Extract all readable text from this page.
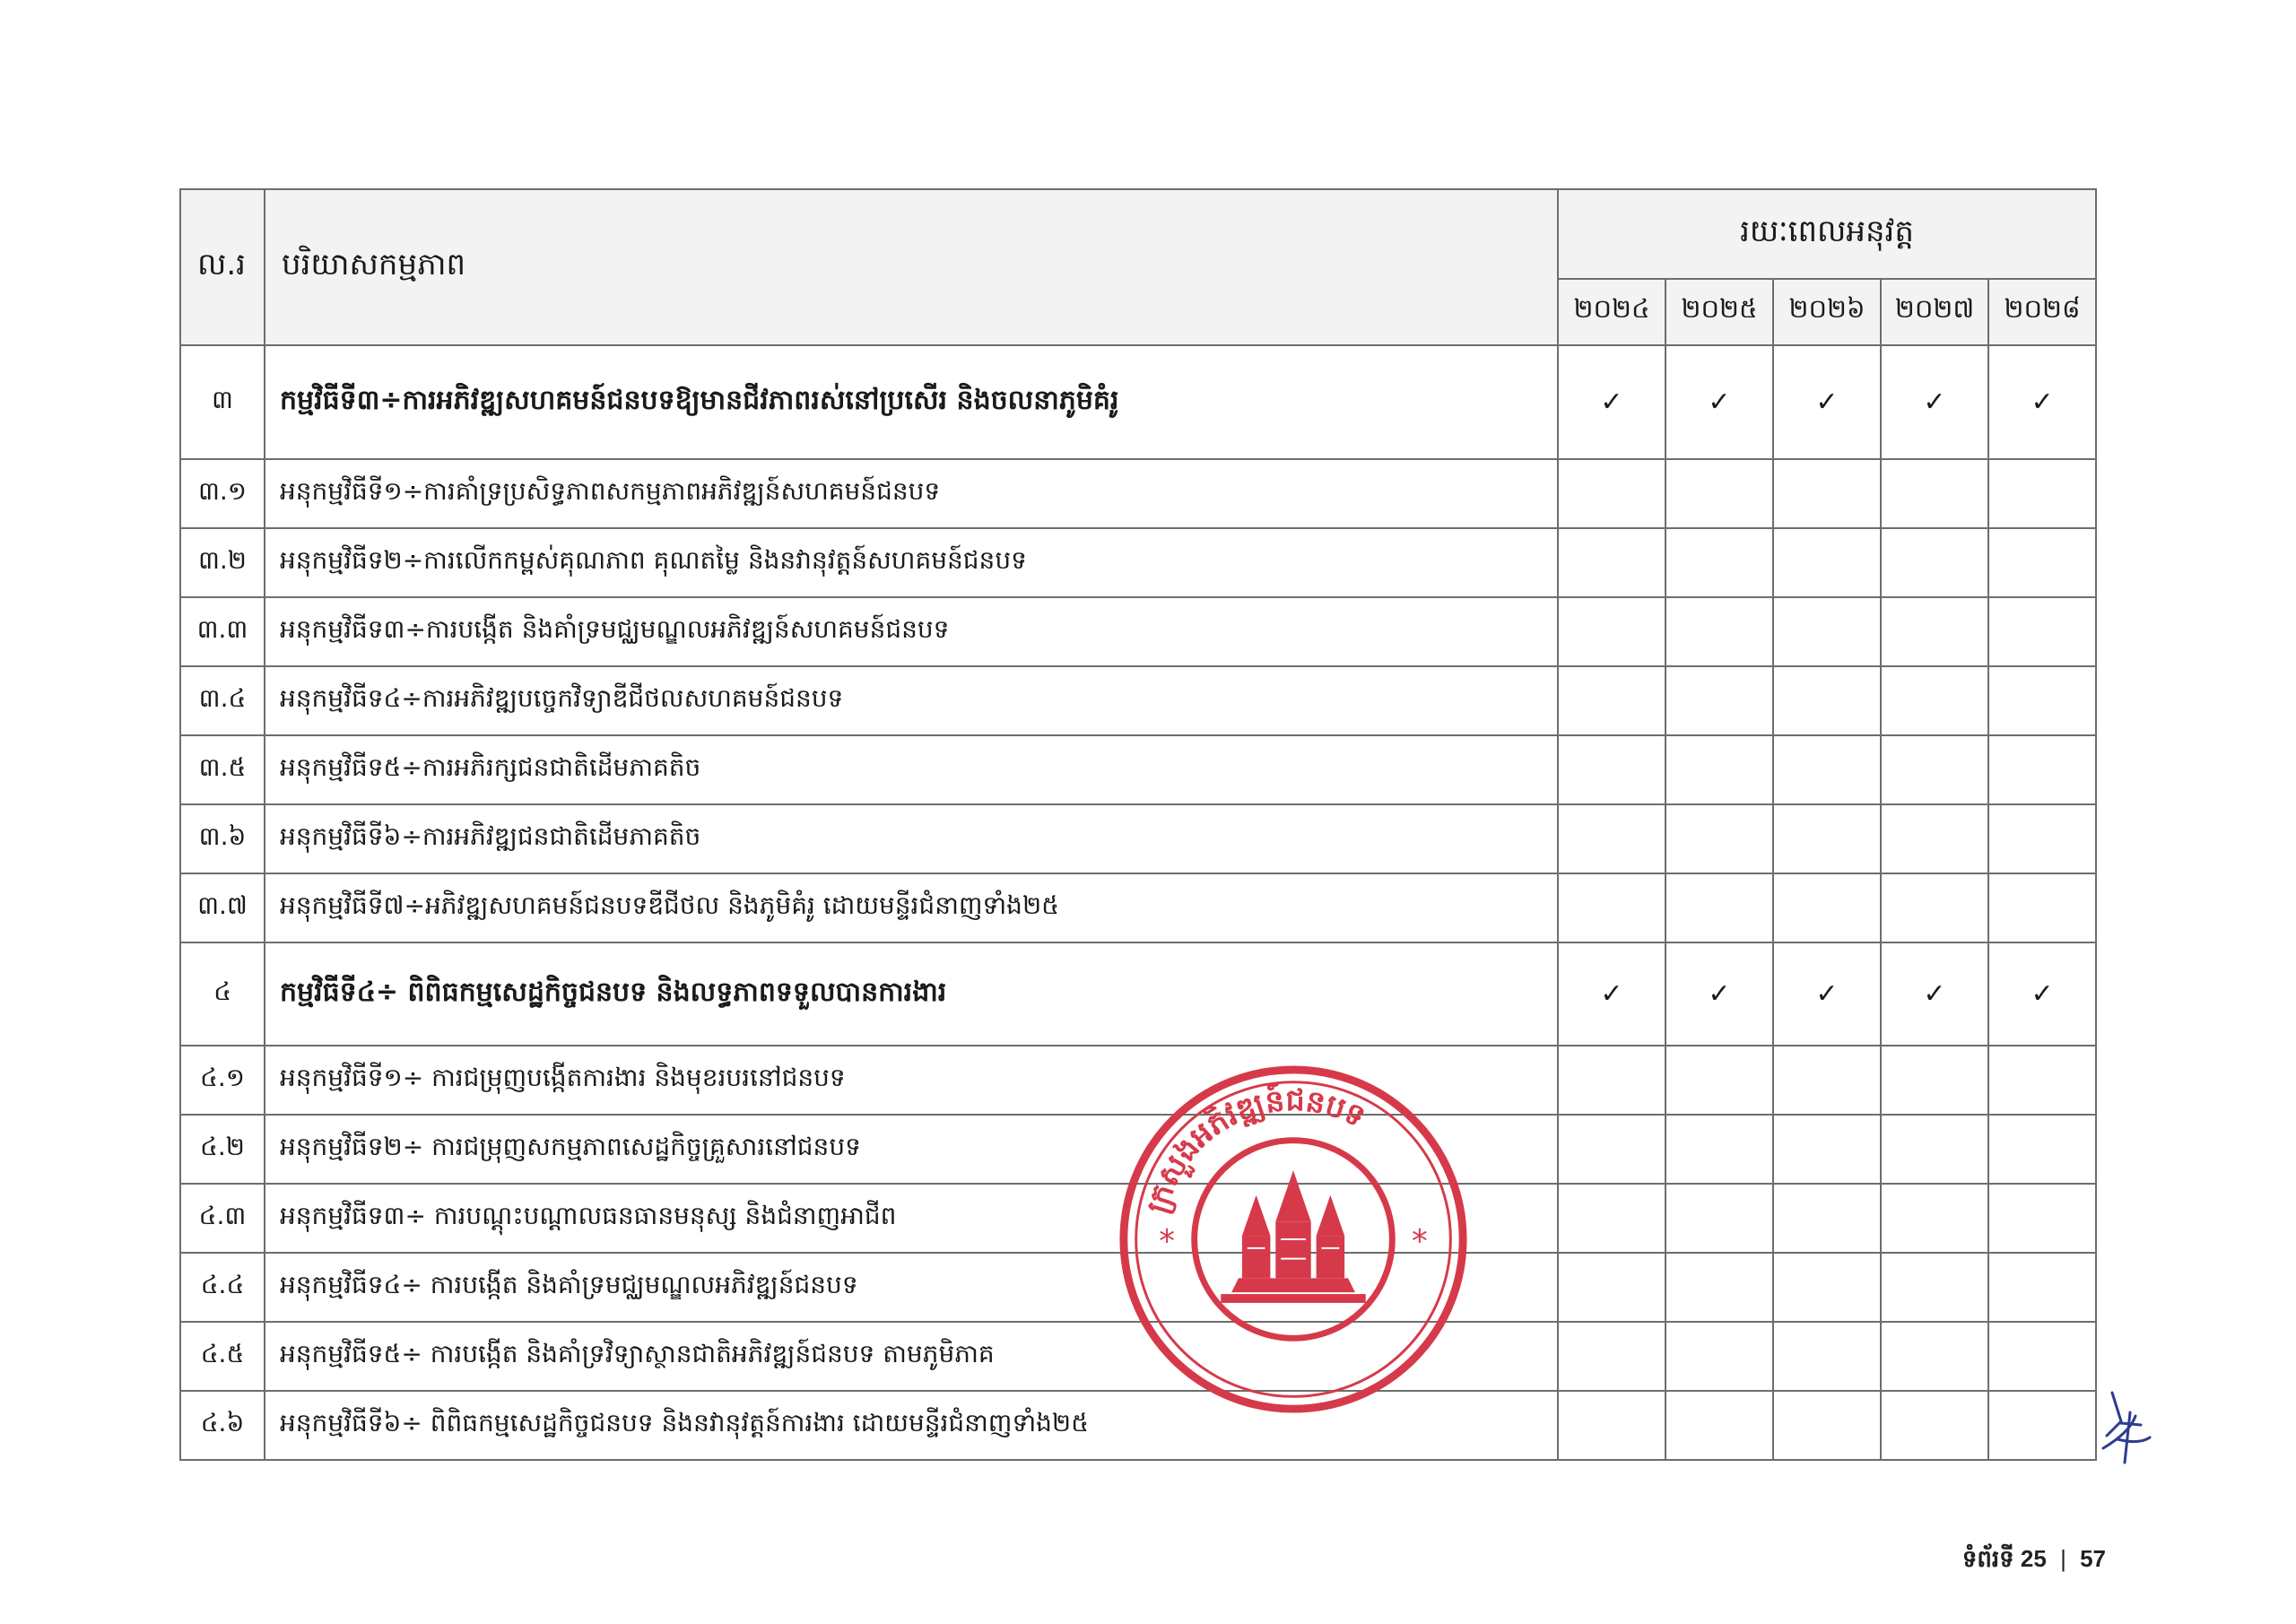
ល.រ	បរិយាសកម្មភាព	រយៈពេលអនុវត្ត				
		២០២៤	២០២៥	២០២៦	២០២៧	២០២៨
៣	កម្មវិធីទី៣÷ការអភិវឌ្ឍសហគមន៍ជនបទឱ្យមានជីវភាពរស់នៅប្រសើរ និងចលនាភូមិគំរូ	✓	✓	✓	✓	✓
៣.១	អនុកម្មវិធីទី១÷ការគាំទ្រប្រសិទ្ធភាពសកម្មភាពអភិវឌ្ឍន៍សហគមន៍ជនបទ					
៣.២	អនុកម្មវិធីទ២÷ការលើកកម្ពស់គុណភាព គុណតម្លៃ និងនវានុវត្តន៍សហគមន៍ជនបទ					
៣.៣	អនុកម្មវិធីទ៣÷ការបង្កើត និងគាំទ្រមជ្ឈមណ្ឌលអភិវឌ្ឍន៍សហគមន៍ជនបទ					
៣.៤	អនុកម្មវិធីទ៤÷ការអភិវឌ្ឍបច្ចេកវិទ្យាឌីជីថលសហគមន៍ជនបទ					
៣.៥	អនុកម្មវិធីទ៥÷ការអភិរក្សជនជាតិដើមភាគតិច					
៣.៦	អនុកម្មវិធីទី៦÷ការអភិវឌ្ឍជនជាតិដើមភាគតិច					
៣.៧	អនុកម្មវិធីទី៧÷អភិវឌ្ឍសហគមន៍ជនបទឌីជីថល និងភូមិគំរូ ដោយមន្ទីរជំនាញទាំង២៥					
៤	កម្មវិធីទី៤÷ ពិពិធកម្មសេដ្ឋកិច្ចជនបទ និងលទ្ធភាពទទួលបានការងារ	✓	✓	✓	✓	✓
៤.១	អនុកម្មវិធីទី១÷ ការជម្រុញបង្កើតការងារ និងមុខរបរនៅជនបទ					
៤.២	អនុកម្មវិធីទ២÷ ការជម្រុញសកម្មភាពសេដ្ឋកិច្ចគ្រួសារនៅជនបទ					
៤.៣	អនុកម្មវិធីទ៣÷ ការបណ្តុះបណ្តាលធនធានមនុស្ស និងជំនាញអាជីព					
៤.៤	អនុកម្មវិធីទ៤÷ ការបង្កើត និងគាំទ្រមជ្ឈមណ្ឌលអភិវឌ្ឍន៍ជនបទ					
៤.៥	អនុកម្មវិធីទ៥÷ ការបង្កើត និងគាំទ្រវិទ្យាស្ថានជាតិអភិវឌ្ឍន៍ជនបទ តាមភូមិភាគ					
៤.៦	អនុកម្មវិធីទី៦÷ ពិពិធកម្មសេដ្ឋកិច្ចជនបទ និងនវានុវត្តន៍ការងារ ដោយមន្ទីរជំនាញទាំង២៥					
ក្រសួងអភិវឌ្ឍន៍ជនបទ
*	*
ទំព័រទី 25 | 57
